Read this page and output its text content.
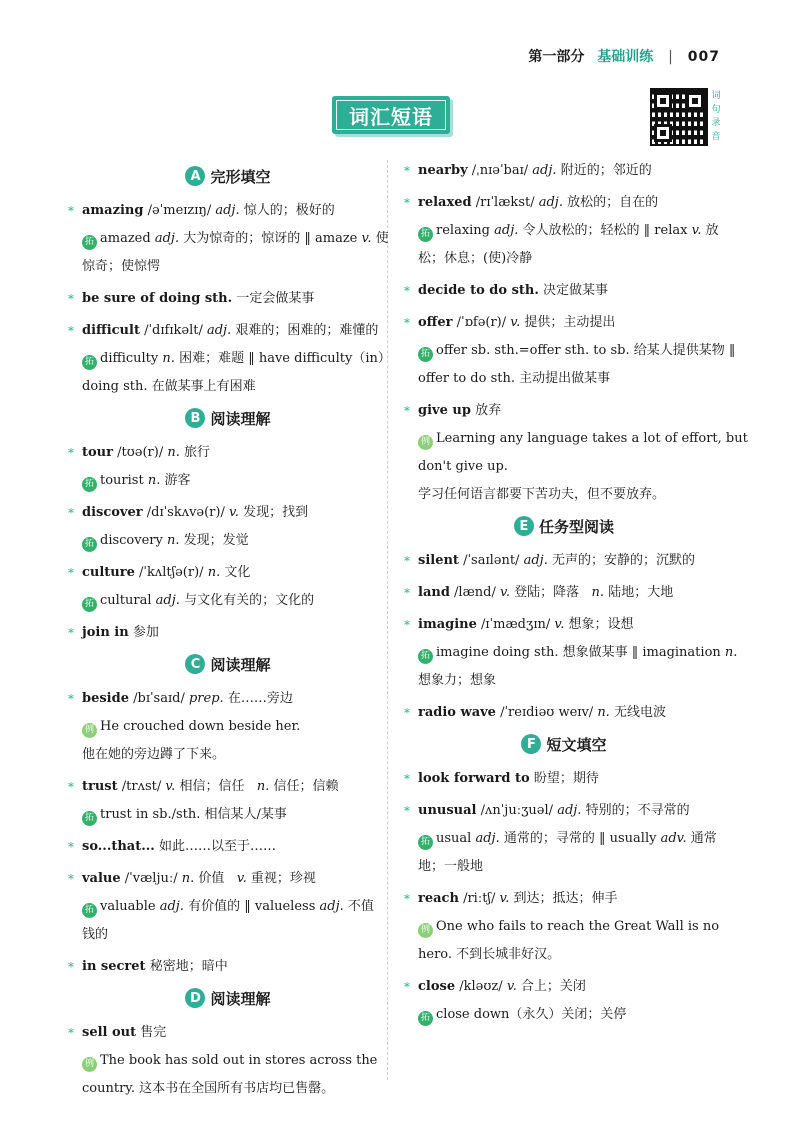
第一部分 基础训练 | 007
词汇短语
词
句
录
音
A 完形填空

* amazing /əˈmeɪzɪŋ/ adj. 惊人的；极好的

拓 amazed adj. 大为惊奇的；惊讶的 ‖ amaze v. 使

惊奇；使惊愕

* be sure of doing sth. 一定会做某事

* difficult /ˈdɪfɪkəlt/ adj. 艰难的；困难的；难懂的

拓 difficulty n. 困难；难题 ‖ have difficulty（in）

doing sth. 在做某事上有困难

B 阅读理解

* tour /tʊə(r)/ n. 旅行

拓 tourist n. 游客

* discover /dɪˈskʌvə(r)/ v. 发现；找到

拓 discovery n. 发现；发觉

* culture /ˈkʌltʃə(r)/ n. 文化

拓 cultural adj. 与文化有关的；文化的

* join in 参加

C 阅读理解

* beside /bɪˈsaɪd/ prep. 在……旁边

例 He crouched down beside her.

他在她的旁边蹲了下来。

* trust /trʌst/ v. 相信；信任 n. 信任；信赖

拓 trust in sb./sth. 相信某人/某事

* so...that... 如此……以至于……

* value /ˈvæljuː/ n. 价值 v. 重视；珍视

拓 valuable adj. 有价值的 ‖ valueless adj. 不值

钱的

* in secret 秘密地；暗中

D 阅读理解

* sell out 售完

例 The book has sold out in stores across the

country. 这本书在全国所有书店均已售罄。

* nearby /ˌnɪəˈbaɪ/ adj. 附近的；邻近的

* relaxed /rɪˈlækst/ adj. 放松的；自在的

拓 relaxing adj. 令人放松的；轻松的 ‖ relax v. 放

松；休息；(使)冷静

* decide to do sth. 决定做某事

* offer /ˈɒfə(r)/ v. 提供；主动提出

拓 offer sb. sth.=offer sth. to sb. 给某人提供某物 ‖

offer to do sth. 主动提出做某事

* give up 放弃

例 Learning any language takes a lot of effort, but

don't give up.

学习任何语言都要下苦功夫，但不要放弃。

E 任务型阅读

* silent /ˈsaɪlənt/ adj. 无声的；安静的；沉默的

* land /lænd/ v. 登陆；降落 n. 陆地；大地

* imagine /ɪˈmædʒɪn/ v. 想象；设想

拓 imagine doing sth. 想象做某事 ‖ imagination n.

想象力；想象

* radio wave /ˈreɪdiəʊ weɪv/ n. 无线电波

F 短文填空

* look forward to 盼望；期待

* unusual /ʌnˈjuːʒuəl/ adj. 特别的；不寻常的

拓 usual adj. 通常的；寻常的 ‖ usually adv. 通常

地；一般地

* reach /riːtʃ/ v. 到达；抵达；伸手

例 One who fails to reach the Great Wall is no

hero. 不到长城非好汉。

* close /kləʊz/ v. 合上；关闭

拓 close down（永久）关闭；关停
